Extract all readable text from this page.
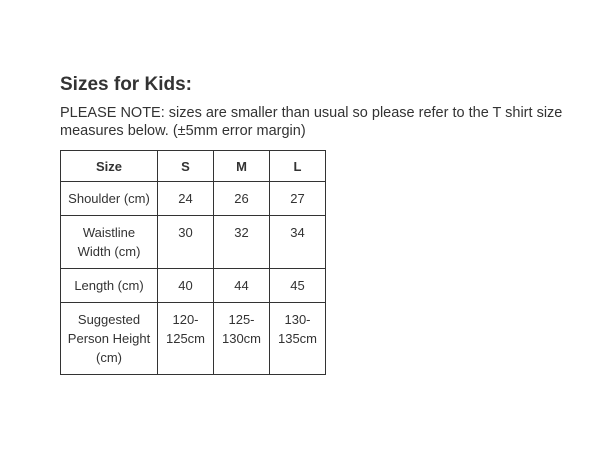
Sizes for Kids:

PLEASE NOTE: sizes are smaller than usual so please refer to the T shirt size measures below. (±5mm error margin)

Size	S	M	L
Shoulder (cm)	24	26	27
Waistline Width (cm)	30	32	34
Length (cm)	40	44	45
Suggested Person Height (cm)	120-125cm	125-130cm	130-135cm
